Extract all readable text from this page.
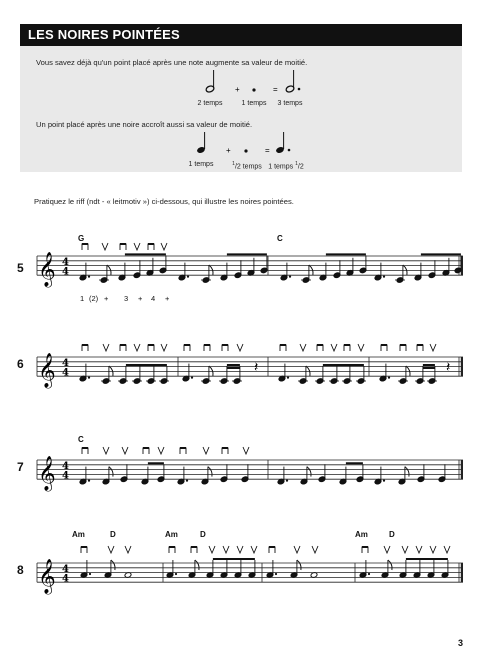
LES NOIRES POINTÉES
Vous savez déjà qu'un point placé après une note augmente sa valeur de moitié.
+	=
2 temps	1 temps	3 temps
Un point placé après une noire accroît aussi sa valeur de moitié.
+	=
1 temps	$^1$/2 temps 1 temps $^1$/2
Pratiquez le riff (ndt - « leitmotiv ») ci-dessous, qui illustre les noires pointées.
5
6
7
8
G	C
C
Am	D	Am	D	Am	D
1 (2) + 3 + 4 +
𝄞 4
4
𝄞 4
4	𝄽	𝄽
𝄞 4
4
𝄞 4
4
3
